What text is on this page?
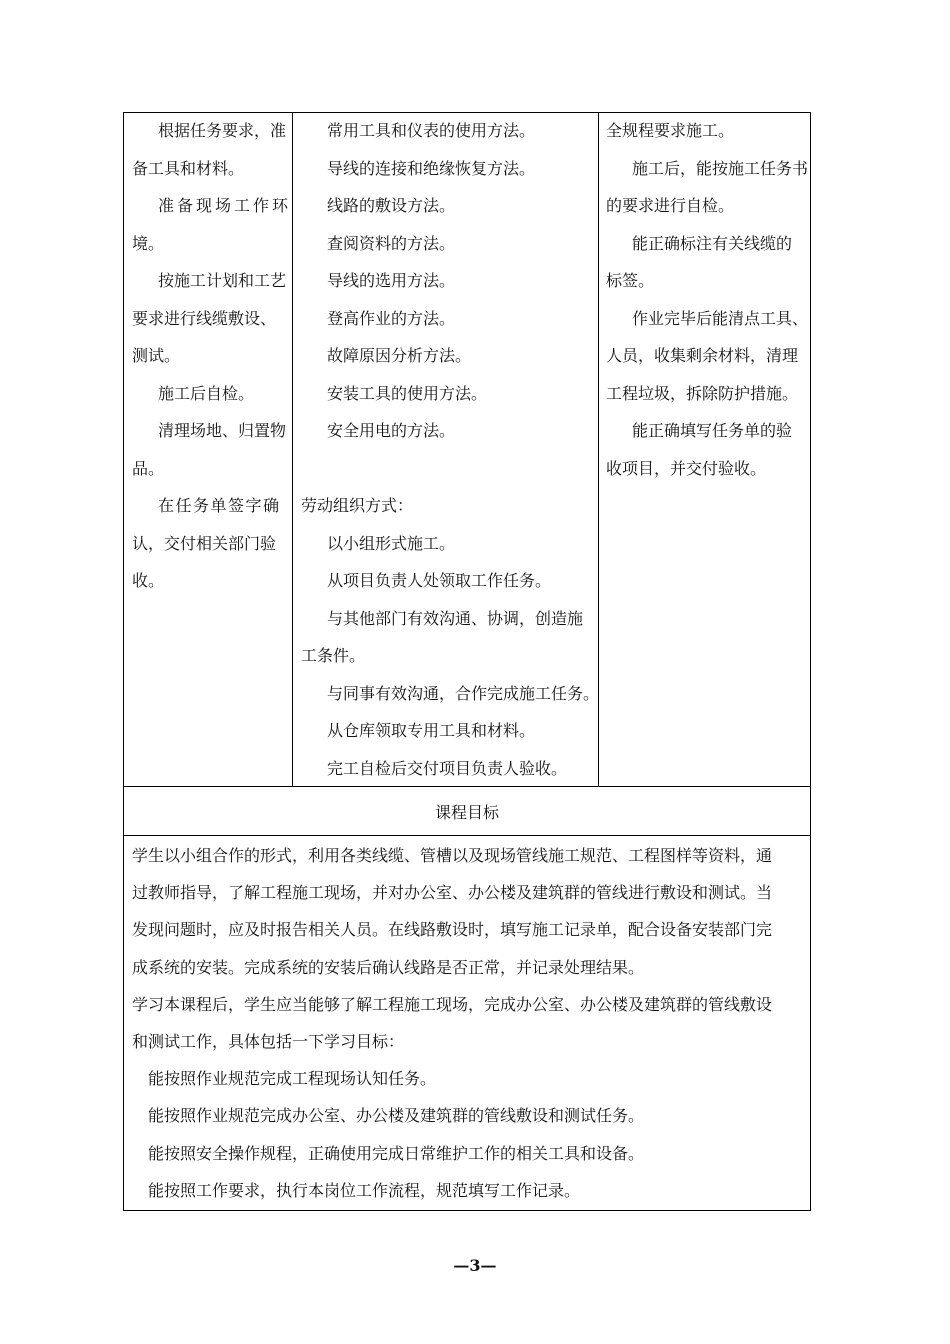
根据任务要求，准

备工具和材料。

准备现场工作环

境。

按施工计划和工艺

要求进行线缆敷设、

测试。

施工后自检。

清理场地、归置物

品。

在任务单签字确

认，交付相关部门验

收。

常用工具和仪表的使用方法。

导线的连接和绝缘恢复方法。

线路的敷设方法。

查阅资料的方法。

导线的选用方法。

登高作业的方法。

故障原因分析方法。

安装工具的使用方法。

安全用电的方法。

劳动组织方式：

以小组形式施工。

从项目负责人处领取工作任务。

与其他部门有效沟通、协调，创造施

工条件。

与同事有效沟通，合作完成施工任务。

从仓库领取专用工具和材料。

完工自检后交付项目负责人验收。

全规程要求施工。

施工后，能按施工任务书

的要求进行自检。

能正确标注有关线缆的

标签。

作业完毕后能清点工具、

人员，收集剩余材料，清理

工程垃圾，拆除防护措施。

能正确填写任务单的验

收项目，并交付验收。

课程目标

学生以小组合作的形式，利用各类线缆、管槽以及现场管线施工规范、工程图样等资料，通

过教师指导，了解工程施工现场，并对办公室、办公楼及建筑群的管线进行敷设和测试。当

发现问题时，应及时报告相关人员。在线路敷设时，填写施工记录单，配合设备安装部门完

成系统的安装。完成系统的安装后确认线路是否正常，并记录处理结果。

学习本课程后，学生应当能够了解工程施工现场，完成办公室、办公楼及建筑群的管线敷设

和测试工作，具体包括一下学习目标：

能按照作业规范完成工程现场认知任务。

能按照作业规范完成办公室、办公楼及建筑群的管线敷设和测试任务。

能按照安全操作规程，正确使用完成日常维护工作的相关工具和设备。

能按照工作要求，执行本岗位工作流程，规范填写工作记录。

—3—
